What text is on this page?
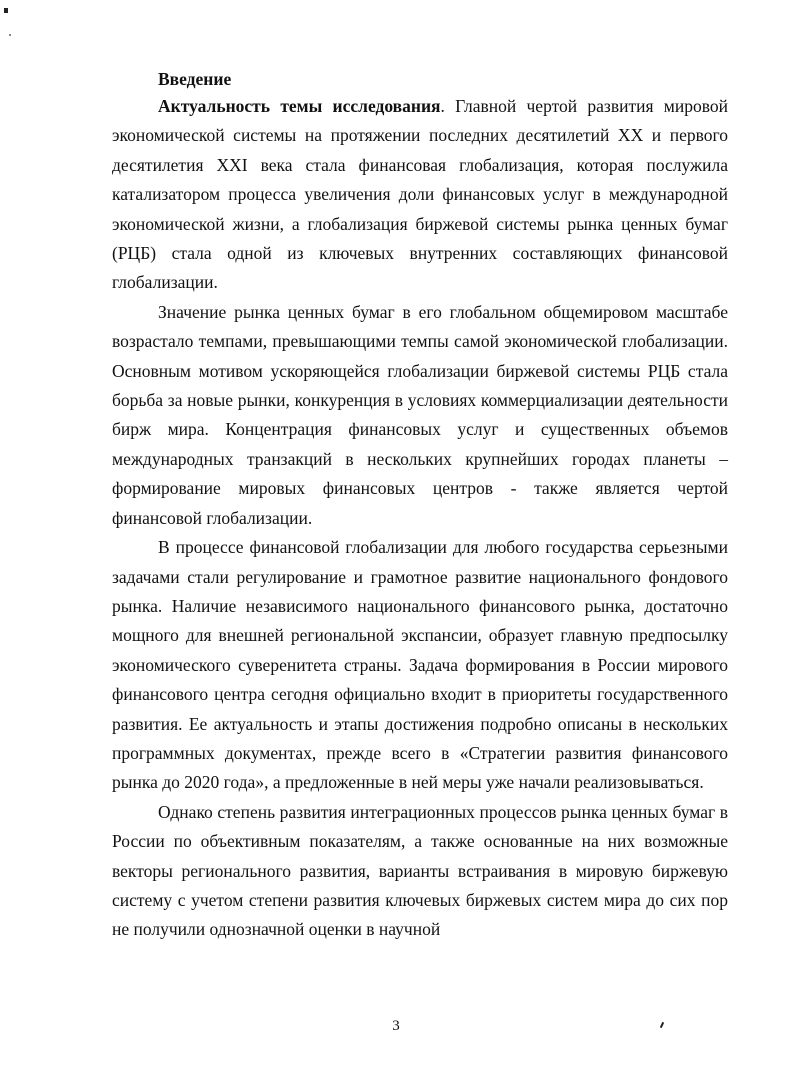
Введение

Актуальность темы исследования. Главной чертой развития мировой экономической системы на протяжении последних десятилетий XX и первого десятилетия XXI века стала финансовая глобализация, которая послужила катализатором процесса увеличения доли финансовых услуг в международной экономической жизни, а глобализация биржевой системы рынка ценных бумаг (РЦБ) стала одной из ключевых внутренних составляющих финансовой глобализации.

Значение рынка ценных бумаг в его глобальном общемировом масштабе возрастало темпами, превышающими темпы самой экономической глобализации. Основным мотивом ускоряющейся глобализации биржевой системы РЦБ стала борьба за новые рынки, конкуренция в условиях коммерциализации деятельности бирж мира. Концентрация финансовых услуг и существенных объемов международных транзакций в нескольких крупнейших городах планеты – формирование мировых финансовых центров - также является чертой финансовой глобализации.

В процессе финансовой глобализации для любого государства серьезными задачами стали регулирование и грамотное развитие национального фондового рынка. Наличие независимого национального финансового рынка, достаточно мощного для внешней региональной экспансии, образует главную предпосылку экономического суверенитета страны. Задача формирования в России мирового финансового центра сегодня официально входит в приоритеты государственного развития. Ее актуальность и этапы достижения подробно описаны в нескольких программных документах, прежде всего в «Стратегии развития финансового рынка до 2020 года», а предложенные в ней меры уже начали реализовываться.

Однако степень развития интеграционных процессов рынка ценных бумаг в России по объективным показателям, а также основанные на них возможные векторы регионального развития, варианты встраивания в мировую биржевую систему с учетом степени развития ключевых биржевых систем мира до сих пор не получили однозначной оценки в научной

3
